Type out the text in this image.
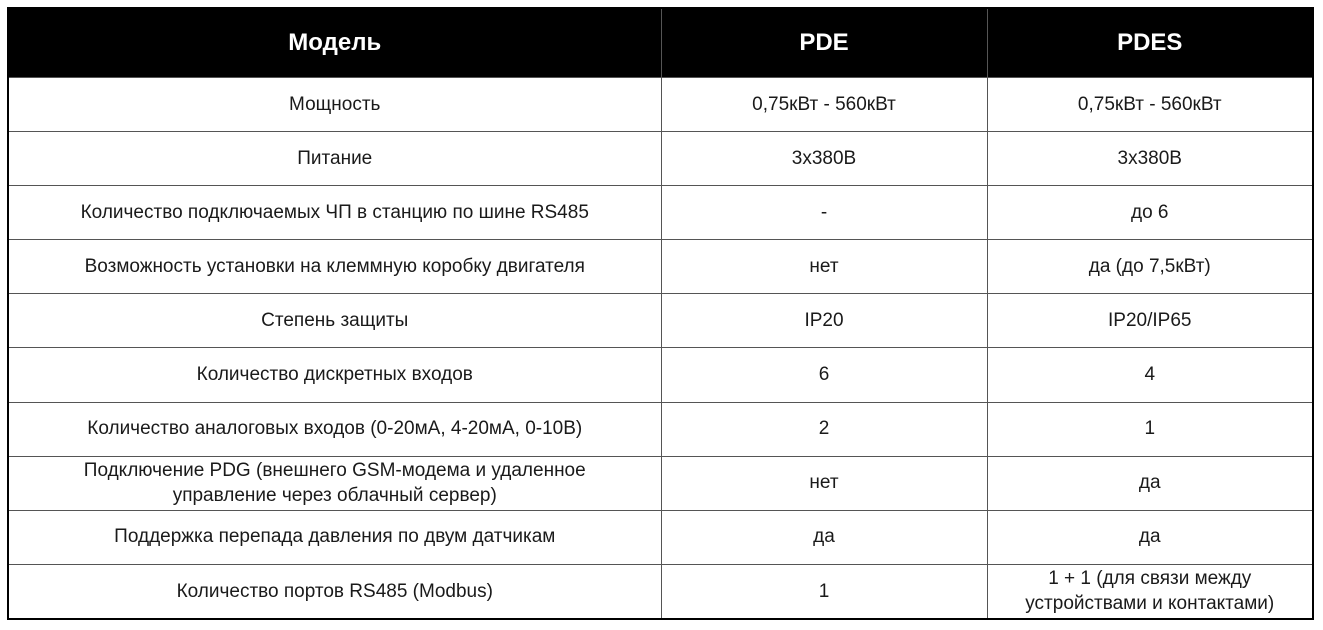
Модель	PDE	PDES
Мощность	0,75кВт - 560кВт	0,75кВт - 560кВт
Питание	3х380В	3х380В
Количество подключаемых ЧП в станцию по шине RS485	-	до 6
Возможность установки на клеммную коробку двигателя	нет	да (до 7,5кВт)
Степень защиты	IP20	IP20/IP65
Количество дискретных входов	6	4
Количество аналоговых входов (0-20мА, 4-20мА, 0-10В)	2	1

Подключение PDG (внешнего GSM-модема и удаленное управление через облачный сервер)	нет	да
Поддержка перепада давления по двум датчикам	да	да
Количество портов RS485 (Modbus)	1	1 + 1 (для связи между устройствами и контактами)
